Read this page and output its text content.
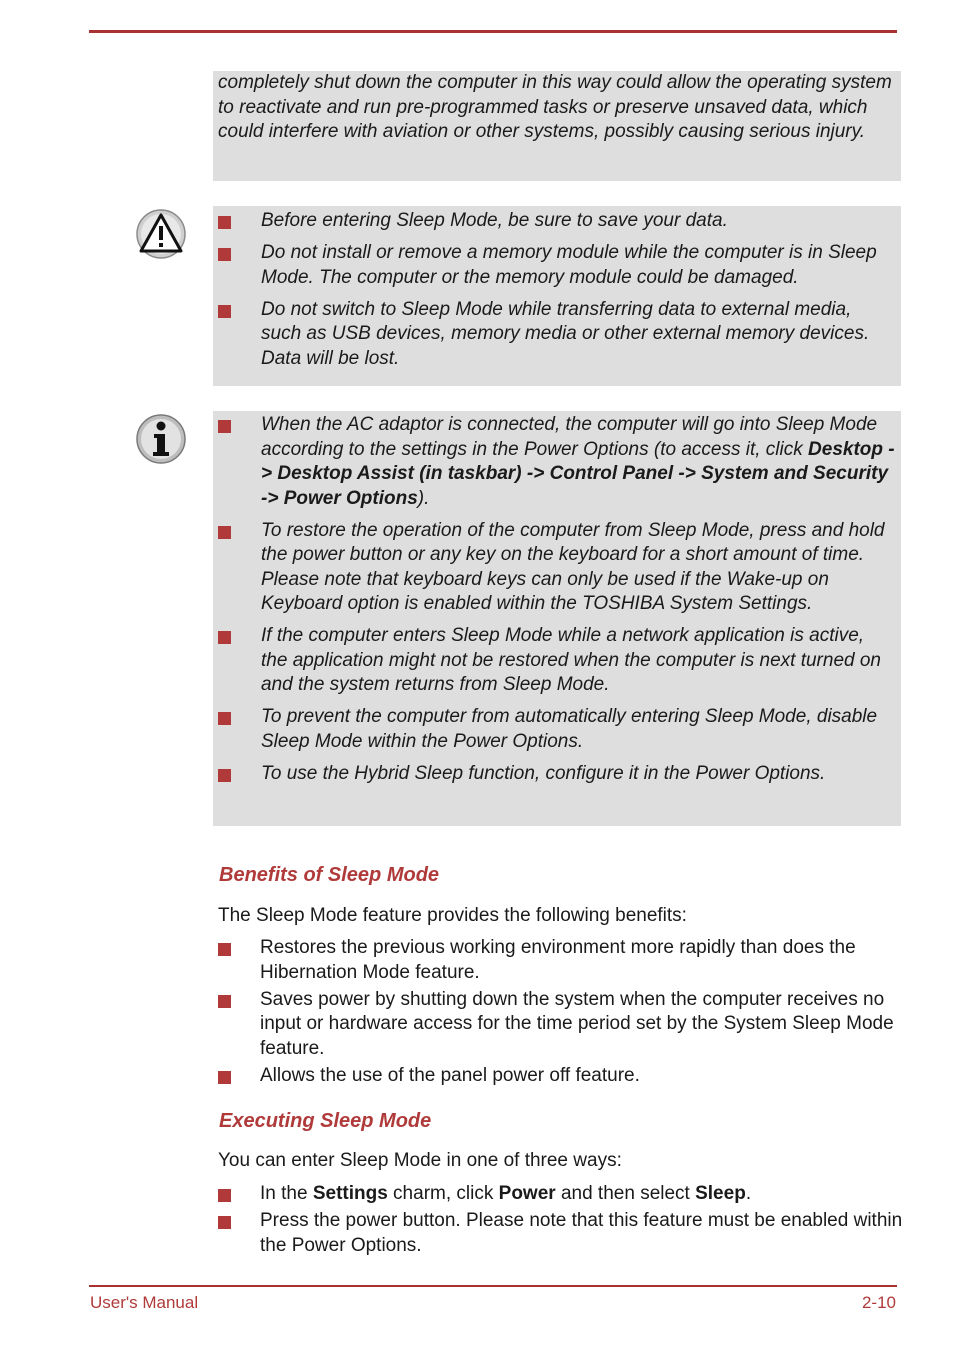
completely shut down the computer in this way could allow the operating system to reactivate and run pre-programmed tasks or preserve unsaved data, which could interfere with aviation or other systems, possibly causing serious injury.

Before entering Sleep Mode, be sure to save your data.
Do not install or remove a memory module while the computer is in Sleep Mode. The computer or the memory module could be damaged.
Do not switch to Sleep Mode while transferring data to external media, such as USB devices, memory media or other external memory devices. Data will be lost.
When the AC adaptor is connected, the computer will go into Sleep Mode according to the settings in the Power Options (to access it, click Desktop -> Desktop Assist (in taskbar) -> Control Panel -> System and Security -> Power Options).
To restore the operation of the computer from Sleep Mode, press and hold the power button or any key on the keyboard for a short amount of time. Please note that keyboard keys can only be used if the Wake-up on Keyboard option is enabled within the TOSHIBA System Settings.
If the computer enters Sleep Mode while a network application is active, the application might not be restored when the computer is next turned on and the system returns from Sleep Mode.
To prevent the computer from automatically entering Sleep Mode, disable Sleep Mode within the Power Options.
To use the Hybrid Sleep function, configure it in the Power Options.
Benefits of Sleep Mode

The Sleep Mode feature provides the following benefits:

Restores the previous working environment more rapidly than does the Hibernation Mode feature.
Saves power by shutting down the system when the computer receives no input or hardware access for the time period set by the System Sleep Mode feature.
Allows the use of the panel power off feature.
Executing Sleep Mode

You can enter Sleep Mode in one of three ways:

In the Settings charm, click Power and then select Sleep.
Press the power button. Please note that this feature must be enabled within the Power Options.
User's Manual	2-10
